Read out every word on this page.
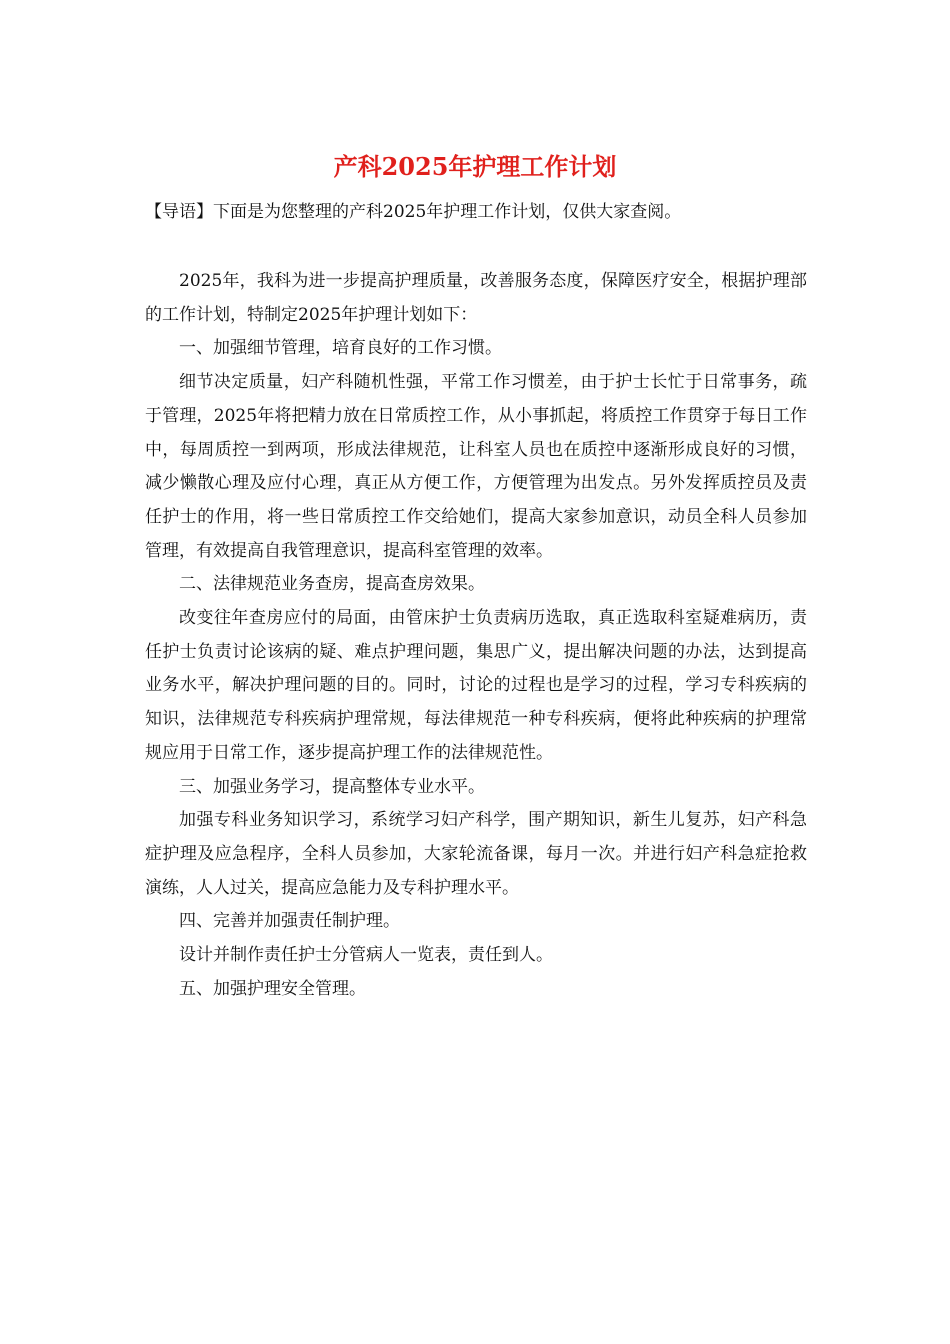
产科2025年护理工作计划

【导语】下面是为您整理的产科2025年护理工作计划，仅供大家查阅。

2025年，我科为进一步提高护理质量，改善服务态度，保障医疗安全，根据护理部的工作计划，特制定2025年护理计划如下：

一、加强细节管理，培育良好的工作习惯。

细节决定质量，妇产科随机性强，平常工作习惯差，由于护士长忙于日常事务，疏于管理，2025年将把精力放在日常质控工作，从小事抓起，将质控工作贯穿于每日工作中，每周质控一到两项，形成法律规范，让科室人员也在质控中逐渐形成良好的习惯，减少懒散心理及应付心理，真正从方便工作，方便管理为出发点。另外发挥质控员及责任护士的作用，将一些日常质控工作交给她们，提高大家参加意识，动员全科人员参加管理，有效提高自我管理意识，提高科室管理的效率。

二、法律规范业务查房，提高查房效果。

改变往年查房应付的局面，由管床护士负责病历选取，真正选取科室疑难病历，责任护士负责讨论该病的疑、难点护理问题，集思广义，提出解决问题的办法，达到提高业务水平，解决护理问题的目的。同时，讨论的过程也是学习的过程，学习专科疾病的知识，法律规范专科疾病护理常规，每法律规范一种专科疾病，便将此种疾病的护理常规应用于日常工作，逐步提高护理工作的法律规范性。

三、加强业务学习，提高整体专业水平。

加强专科业务知识学习，系统学习妇产科学，围产期知识，新生儿复苏，妇产科急症护理及应急程序，全科人员参加，大家轮流备课，每月一次。并进行妇产科急症抢救演练，人人过关，提高应急能力及专科护理水平。

四、完善并加强责任制护理。

设计并制作责任护士分管病人一览表，责任到人。

五、加强护理安全管理。
